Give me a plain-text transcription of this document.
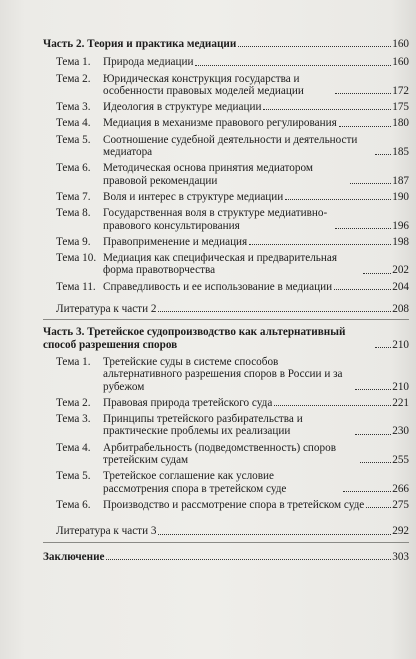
Часть 2. Теория и практика медиации	160
Тема 1.	Природа медиации	160
Тема 2.	Юридическая конструкция государства и особенности правовых моделей медиации	172
Тема 3.	Идеология в структуре медиации	175
Тема 4.	Медиация в механизме правового регулирования	180
Тема 5.	Соотношение судебной деятельности и деятельности медиатора	185
Тема 6.	Методическая основа принятия медиатором правовой рекомендации	187
Тема 7.	Воля и интерес в структуре медиации	190
Тема 8.	Государственная воля в структуре медиативно-правового консультирования	196
Тема 9.	Правоприменение и медиация	198
Тема 10. Медиация как специфическая и предварительная форма правотворчества	202
Тема 11. Справедливость и ее использование в медиации	204
Литература к части 2	208
Часть 3. Третейское судопроизводство как альтернативный способ разрешения споров	210
Тема 1.	Третейские суды в системе способов альтернативного разрешения споров в России и за рубежом	210
Тема 2.	Правовая природа третейского суда	221
Тема 3.	Принципы третейского разбирательства и практические проблемы их реализации	230
Тема 4.	Арбитрабельность (подведомственность) споров третейским судам	255
Тема 5.	Третейское соглашение как условие рассмотрения спора в третейском суде	266
Тема 6.	Производство и рассмотрение спора в третейском суде 275
Литература к части 3	292
Заключение	303
